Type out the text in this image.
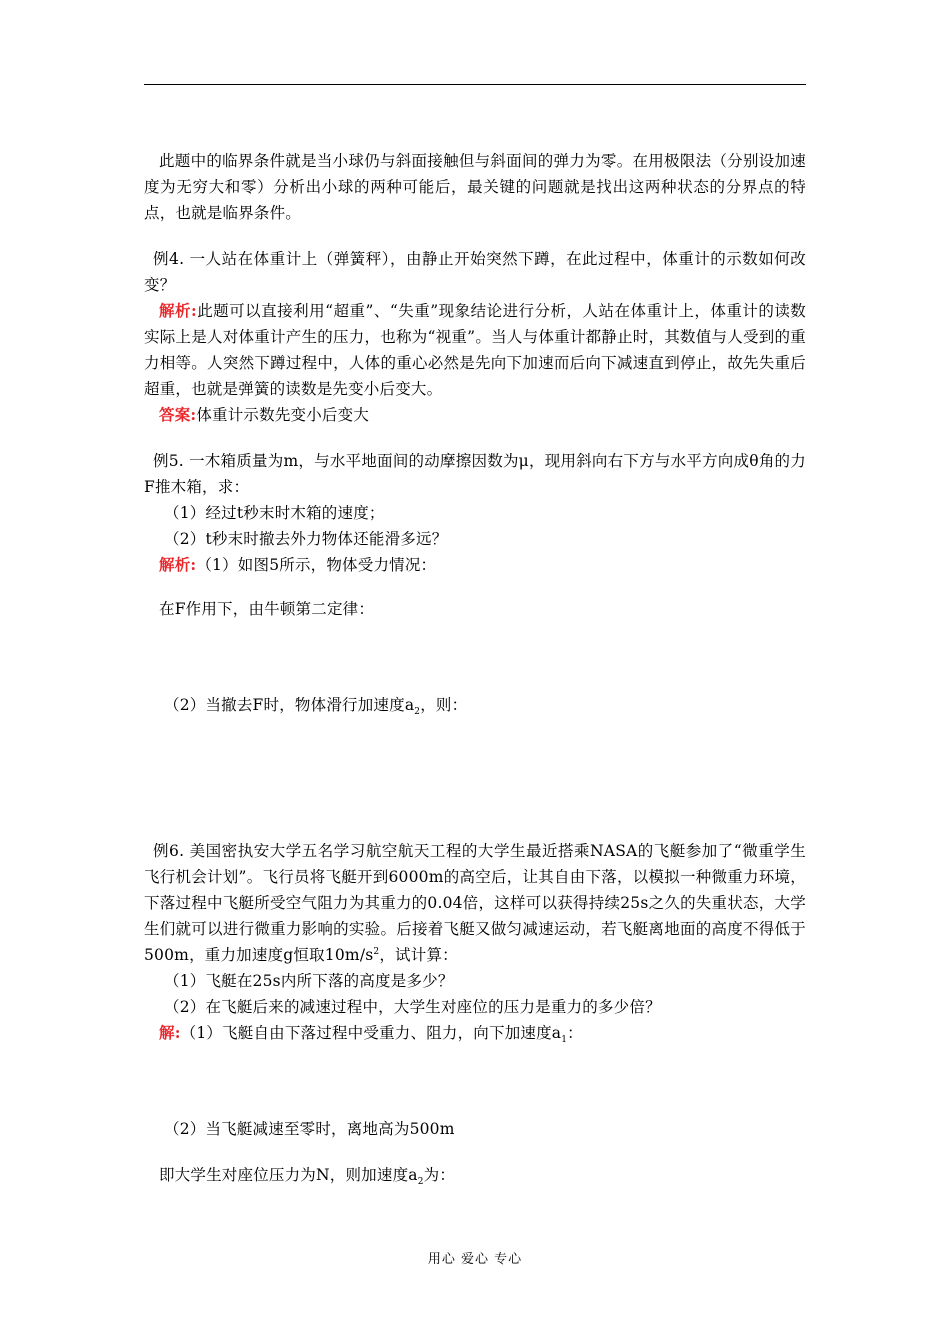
此题中的临界条件就是当小球仍与斜面接触但与斜面间的弹力为零。在用极限法（分别设加速度为无穷大和零）分析出小球的两种可能后，最关键的问题就是找出这两种状态的分界点的特点，也就是临界条件。

例4. 一人站在体重计上（弹簧秤），由静止开始突然下蹲，在此过程中，体重计的示数如何改变？

解析:此题可以直接利用“超重”、“失重”现象结论进行分析，人站在体重计上，体重计的读数实际上是人对体重计产生的压力，也称为“视重”。当人与体重计都静止时，其数值与人受到的重力相等。人突然下蹲过程中，人体的重心必然是先向下加速而后向下减速直到停止，故先失重后超重，也就是弹簧的读数是先变小后变大。

答案:体重计示数先变小后变大

例5. 一木箱质量为m，与水平地面间的动摩擦因数为μ，现用斜向右下方与水平方向成θ角的力F推木箱，求：

（1）经过t秒末时木箱的速度；

（2）t秒末时撤去外力物体还能滑多远？

解析:（1）如图5所示，物体受力情况：

在F作用下，由牛顿第二定律：

（2）当撤去F时，物体滑行加速度$a_2$，则：

例6. 美国密执安大学五名学习航空航天工程的大学生最近搭乘NASA的飞艇参加了“微重学生飞行机会计划”。飞行员将飞艇开到6000m的高空后，让其自由下落，以模拟一种微重力环境，下落过程中飞艇所受空气阻力为其重力的0.04倍，这样可以获得持续25s之久的失重状态，大学生们就可以进行微重力影响的实验。后接着飞艇又做匀减速运动，若飞艇离地面的高度不得低于500m，重力加速度g恒取$10m/s^2$，试计算：

（1）飞艇在25s内所下落的高度是多少？

（2）在飞艇后来的减速过程中，大学生对座位的压力是重力的多少倍？

解:（1）飞艇自由下落过程中受重力、阻力，向下加速度$a_1$：

（2）当飞艇减速至零时，离地高为500m

即大学生对座位压力为N，则加速度$a_2$为：

用心 爱心 专心
